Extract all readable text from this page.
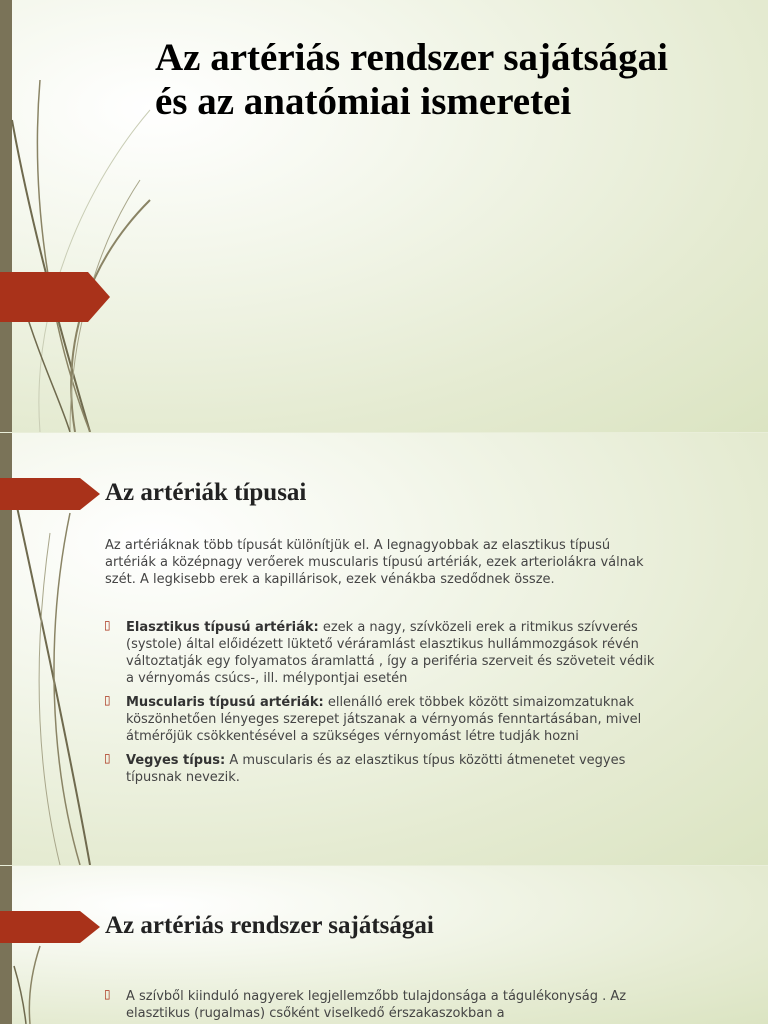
Az artériás rendszer sajátságai
és az anatómiai ismeretei
Az artériák típusai

Az artériáknak több típusát különítjük el. A legnagyobbak az elasztikus típusú artériák a középnagy verőerek muscularis típusú artériák, ezek arteriolákra válnak szét. A legkisebb erek a kapillárisok, ezek vénákba szedődnek össze.

▯ Elasztikus típusú artériák: ezek a nagy, szívközeli erek a ritmikus szívverés (systole) által előidézett lüktető véráramlást elasztikus hullámmozgások révén változtatják egy folyamatos áramlattá , így a periféria szerveit és szöveteit védik a vérnyomás csúcs-, ill. mélypontjai esetén
▯ Muscularis típusú artériák: ellenálló erek többek között simaizomzatuknak köszönhetően lényeges szerepet játszanak a vérnyomás fenntartásában, mivel átmérőjük csökkentésével a szükséges vérnyomást létre tudják hozni
▯ Vegyes típus: A muscularis és az elasztikus típus közötti átmenetet vegyes típusnak nevezik.
Az artériás rendszer sajátságai
▯ A szívből kiinduló nagyerek legjellemzőbb tulajdonsága a tágulékonyság . Az elasztikus (rugalmas) csőként viselkedő érszakaszokban a
